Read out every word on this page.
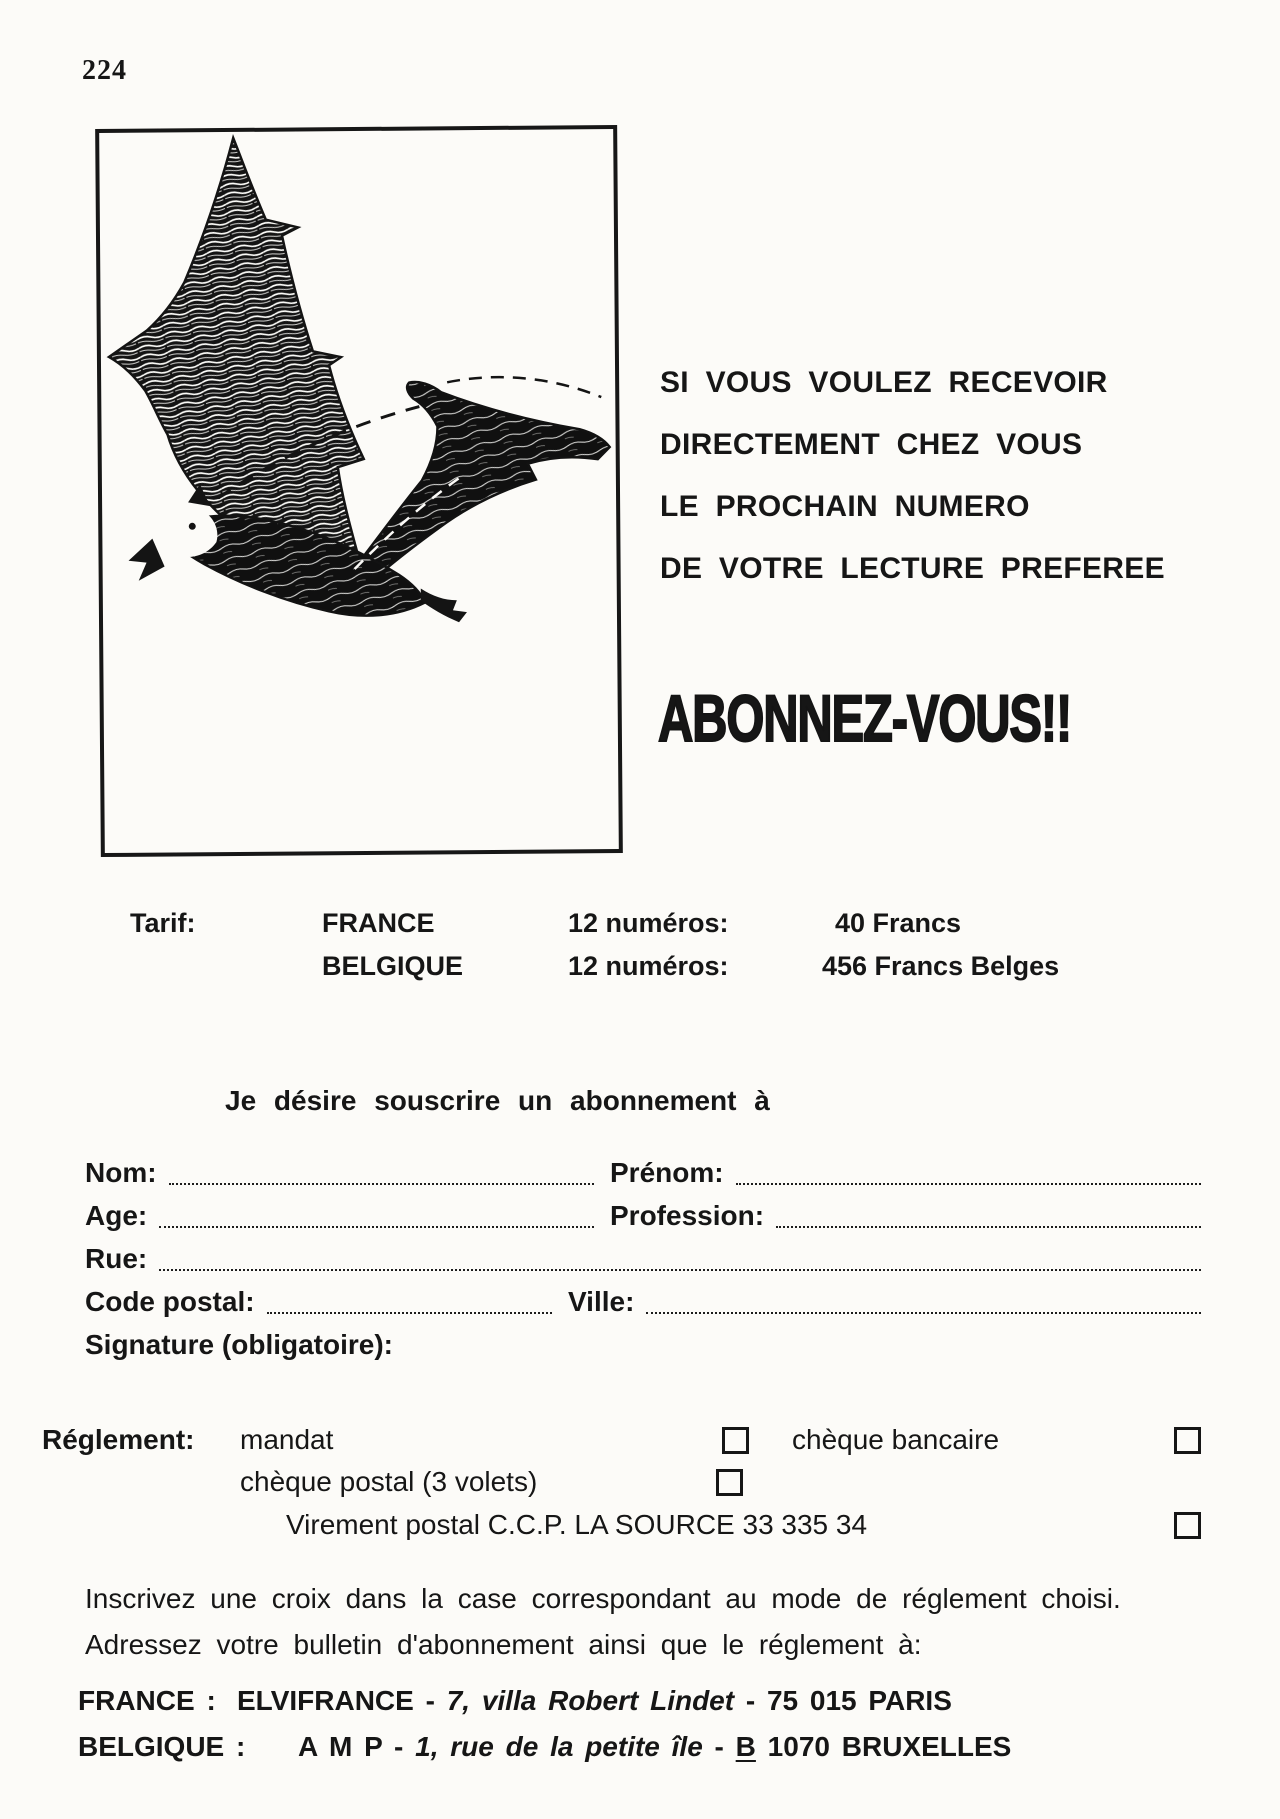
224
SI VOUS VOULEZ RECEVOIR
DIRECTEMENT CHEZ VOUS
LE PROCHAIN NUMERO
DE VOTRE LECTURE PREFEREE
ABONNEZ-VOUS!!
Tarif:	FRANCE	12 numéros:	40 Francs
BELGIQUE	12 numéros:	456 Francs Belges
Je désire souscrire un abonnement à
Nom:	Prénom:
Age:	Profession:
Rue:
Code postal:	Ville:
Signature (obligatoire):
Réglement: mandat	chèque bancaire
chèque postal (3 volets)
Virement postal C.C.P. LA SOURCE 33 335 34
Inscrivez une croix dans la case correspondant au mode de réglement choisi.
Adressez votre bulletin d'abonnement ainsi que le réglement à:
FRANCE : ELVIFRANCE - 7, villa Robert Lindet - 75 015 PARIS
BELGIQUE : A M P - 1, rue de la petite île - B 1070 BRUXELLES
